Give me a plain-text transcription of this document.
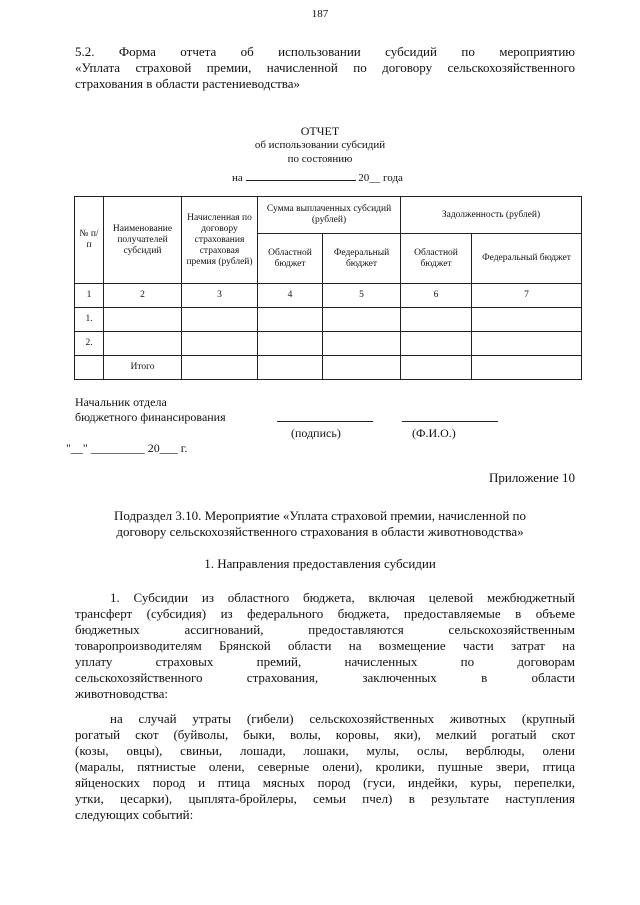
187
5.2. Форма отчета об использовании субсидий по мероприятию
«Уплата страховой премии, начисленной по договору сельскохозяйственного
страхования в области растениеводства»
ОТЧЕТ
об использовании субсидий
по состоянию
на	20__ года
№ п/п	Наименование получателей субсидий	Начисленная по договору страхования страховая премия (рублей)	Сумма выплаченных субсидий (рублей)		Задолженность (рублей)	
			Областной бюджет	Федеральный бюджет	Областной бюджет	Федеральный бюджет
1	2	3	4	5	6	7
1.						
2.						
	Итого					
Начальник отдела
бюджетного финансирования
(подпись)	(Ф.И.О.)
"__" _________ 20___ г.
Приложение 10
Подраздел 3.10. Мероприятие «Уплата страховой премии, начисленной по
договору сельскохозяйственного страхования в области животноводства»
1. Направления предоставления субсидии
1. Субсидии из областного бюджета, включая целевой межбюджетный
трансферт (субсидия) из федерального бюджета, предоставляемые в объеме
бюджетных ассигнований, предоставляются сельскохозяйственным
товаропроизводителям Брянской области на возмещение части затрат на
уплату страховых премий, начисленных по договорам
сельскохозяйственного страхования, заключенных в области
животноводства:
на случай утраты (гибели) сельскохозяйственных животных (крупный
рогатый скот (буйволы, быки, волы, коровы, яки), мелкий рогатый скот
(козы, овцы), свиньи, лошади, лошаки, мулы, ослы, верблюды, олени
(маралы, пятнистые олени, северные олени), кролики, пушные звери, птица
яйценоских пород и птица мясных пород (гуси, индейки, куры, перепелки,
утки, цесарки), цыплята-бройлеры, семьи пчел) в результате наступления
следующих событий:
